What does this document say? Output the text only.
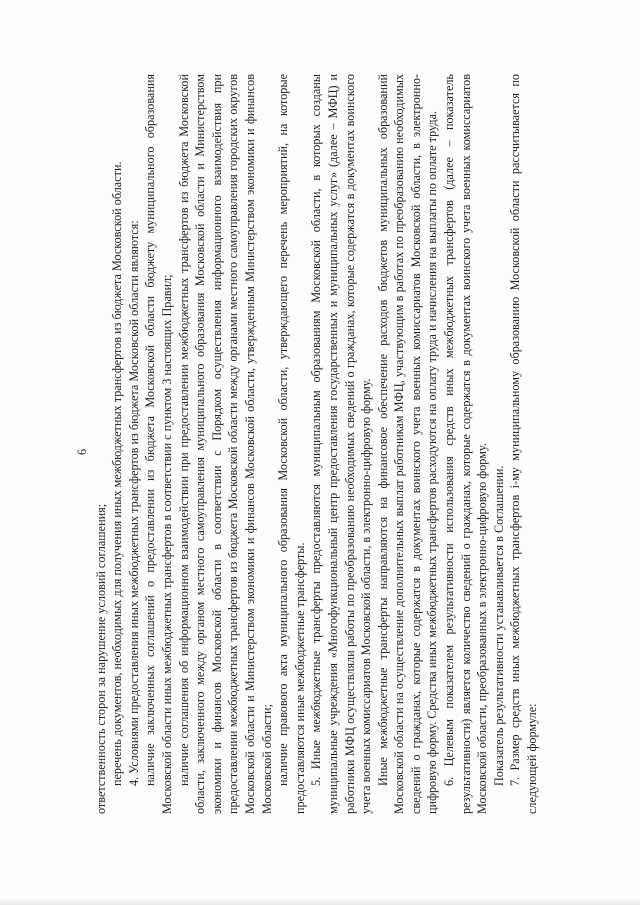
6

ответственность сторон за нарушение условий соглашения; перечень документов, необходимых для получения иных межбюджетных трансфертов из бюджета Московской области. 4. Условиями предоставления иных межбюджетных трансфертов из бюджета Московской области являются: наличие заключенных соглашений о предоставлении из бюджета Московской области бюджету муниципального образования Московской области иных межбюджетных трансфертов в соответствии с пунктом 3 настоящих Правил; наличие соглашения об информационном взаимодействии при предоставлении межбюджетных трансфертов из бюджета Московской области, заключенного между органом местного самоуправления муниципального образования Московской области и Министерством экономики и финансов Московской области в соответствии с Порядком осуществления информационного взаимодействия при предоставлении межбюджетных трансфертов из бюджета Московской области между органами местного самоуправления городских округов Московской области и Министерством экономики и финансов Московской области, утвержденным Министерством экономики и финансов Московской области; наличие правового акта муниципального образования Московской области, утверждающего перечень мероприятий, на которые предоставляются иные межбюджетные трансферты. 5. Иные межбюджетные трансферты предоставляются муниципальным образованиям Московской области, в которых созданы муниципальные учреждения «Многофункциональный центр предоставления государственных и муниципальных услуг» (далее – МФЦ) и работники МФЦ осуществляли работы по преобразованию необходимых сведений о гражданах, которые содержатся в документах воинского учета военных комиссариатов Московской области, в электронно-цифровую форму. Иные межбюджетные трансферты направляются на финансовое обеспечение расходов бюджетов муниципальных образований Московской области на осуществление дополнительных выплат работникам МФЦ, участвующим в работах по преобразованию необходимых сведений о гражданах, которые содержатся в документах воинского учета военных комиссариатов Московской области, в электронно-цифровую форму. Средства иных межбюджетных трансфертов расходуются на оплату труда и начисления на выплаты по оплате труда. 6. Целевым показателем результативности использования средств иных межбюджетных трансфертов (далее – показатель результативности) является количество сведений о гражданах, которые содержатся в документах воинского учета военных комиссариатов Московской области, преобразованных в электронно-цифровую форму. Показатель результативности устанавливается в Соглашении. 7. Размер средств иных межбюджетных трансфертов i-му муниципальному образованию Московской области рассчитывается по следующей формуле:
